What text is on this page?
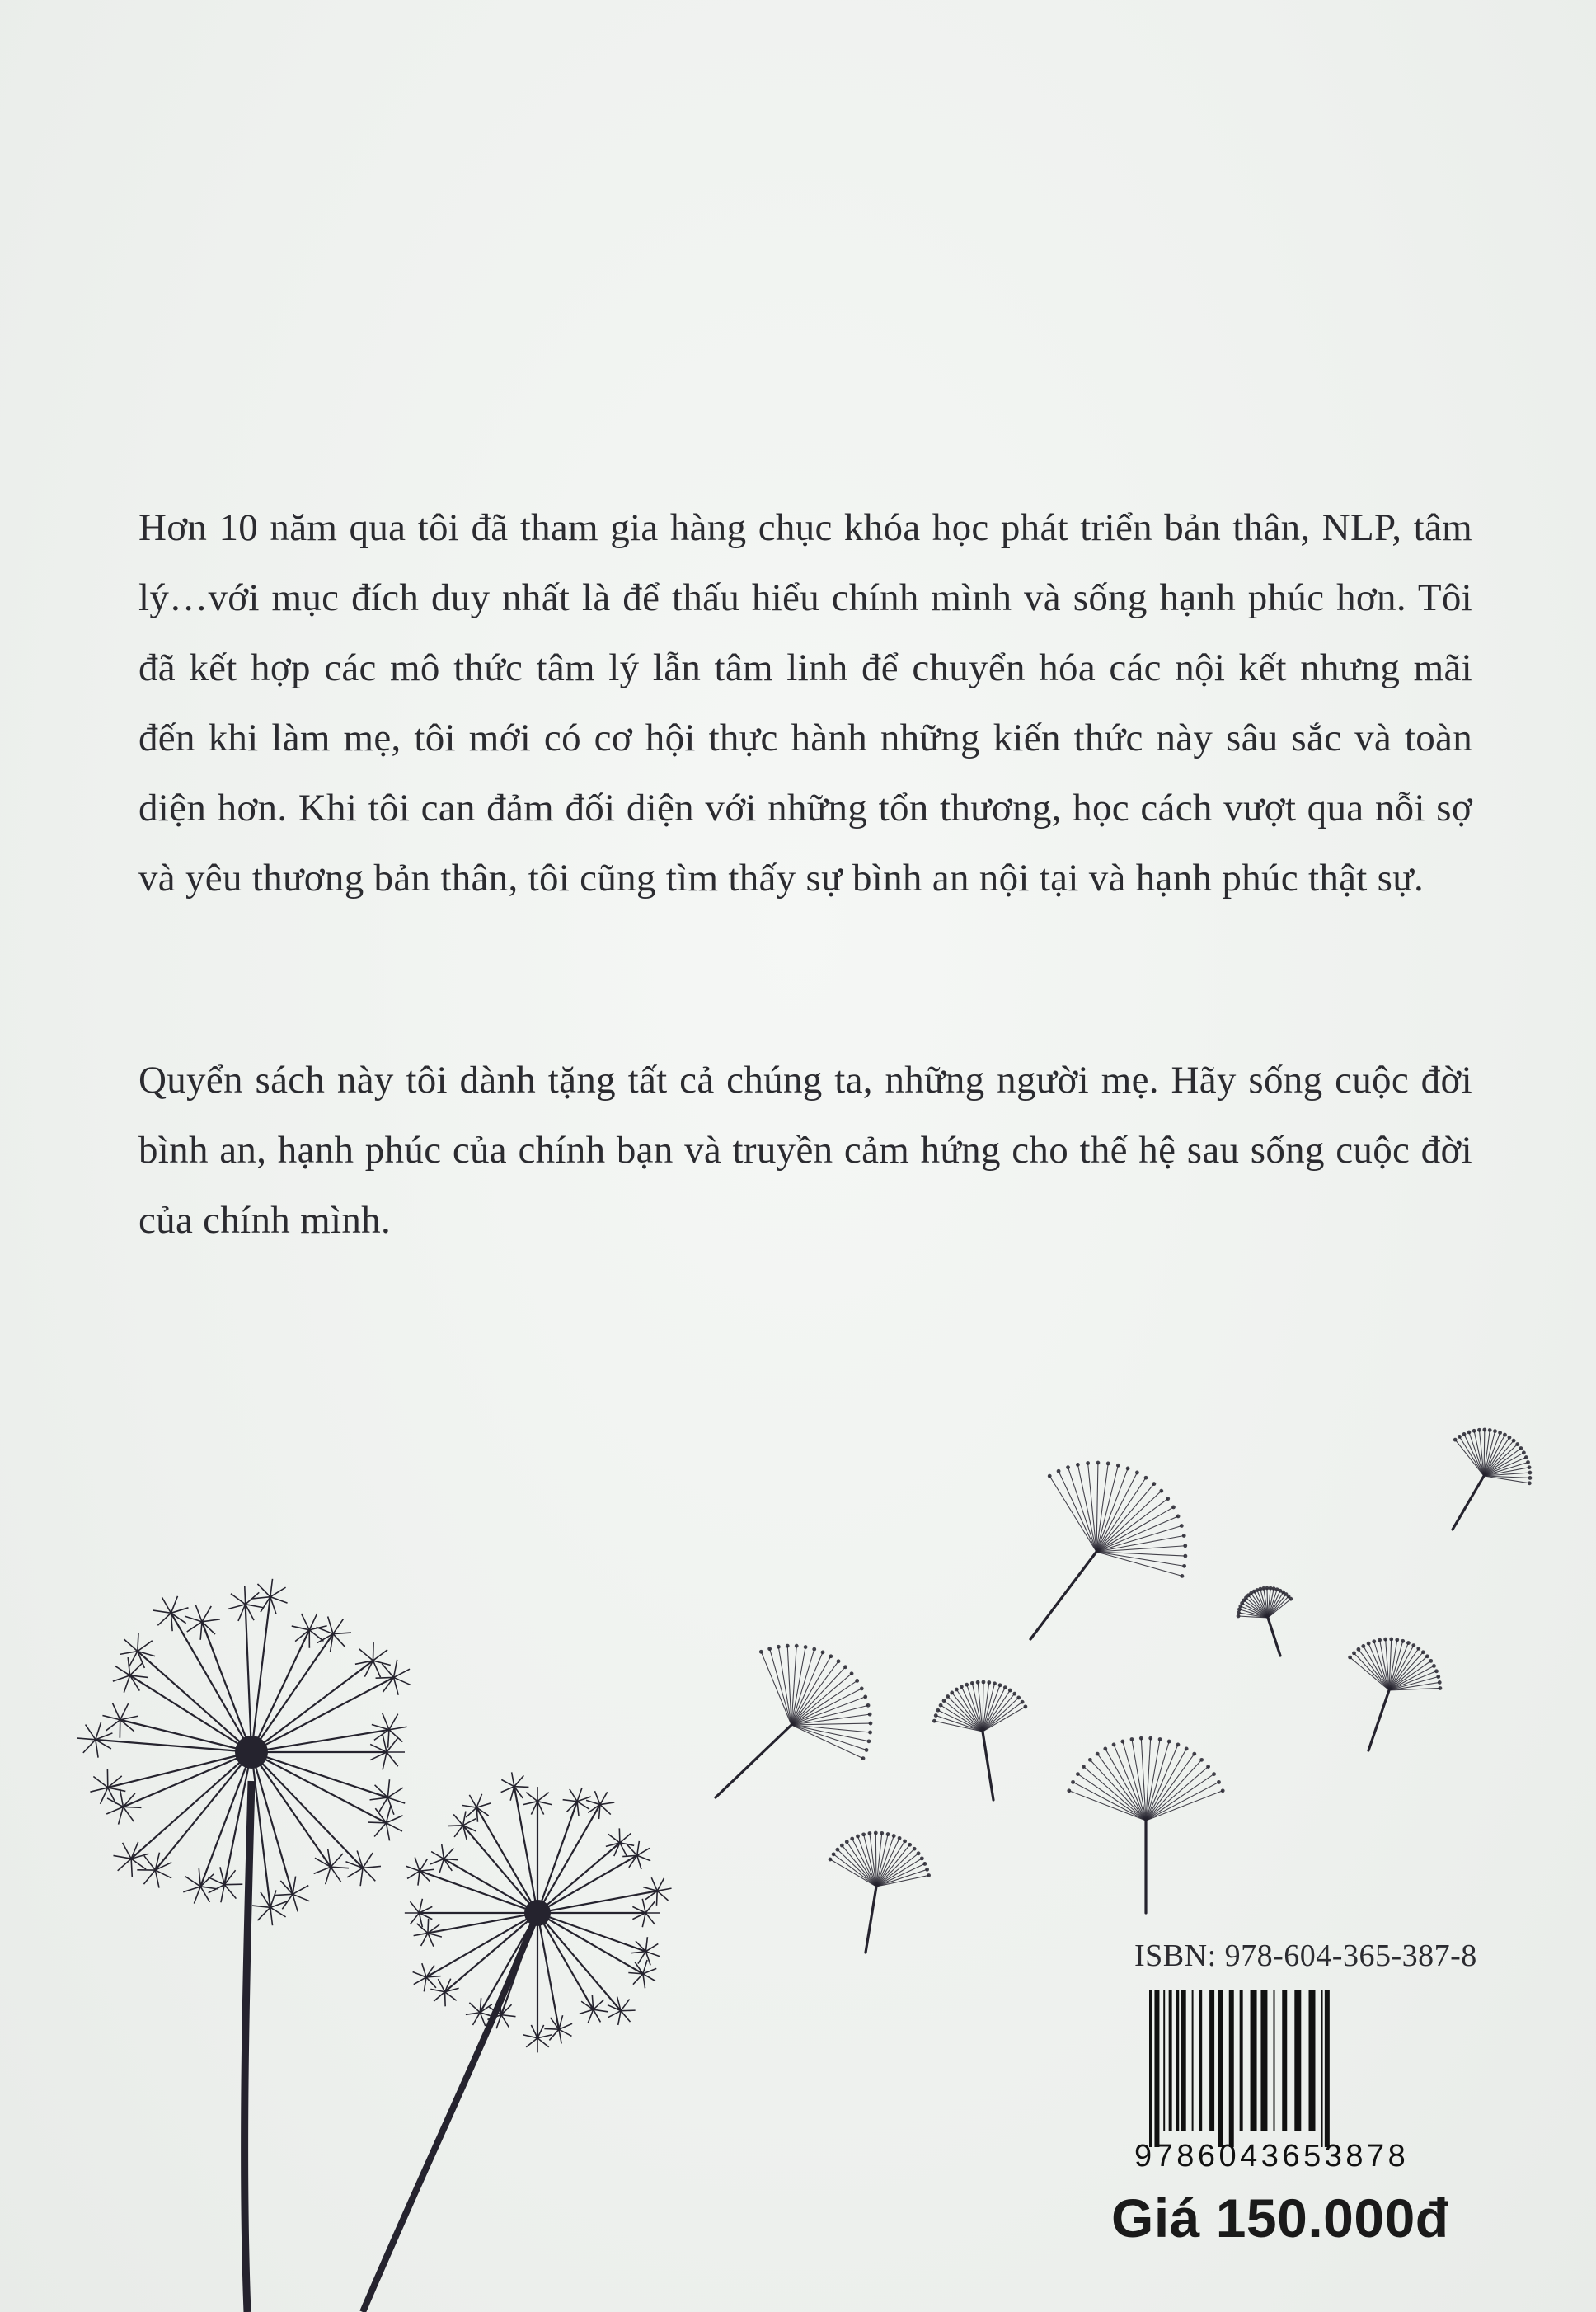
Hơn 10 năm qua tôi đã tham gia hàng chục khóa học phát triển bản thân, NLP, tâm lý…với mục đích duy nhất là để thấu hiểu chính mình và sống hạnh phúc hơn. Tôi đã kết hợp các mô thức tâm lý lẫn tâm linh để chuyển hóa các nội kết nhưng mãi đến khi làm mẹ, tôi mới có cơ hội thực hành những kiến thức này sâu sắc và toàn diện hơn. Khi tôi can đảm đối diện với những tổn thương, học cách vượt qua nỗi sợ và yêu thương bản thân, tôi cũng tìm thấy sự bình an nội tại và hạnh phúc thật sự.

Quyển sách này tôi dành tặng tất cả chúng ta, những người mẹ. Hãy sống cuộc đời bình an, hạnh phúc của chính bạn và truyền cảm hứng cho thế hệ sau sống cuộc đời của chính mình.

ISBN: 978-604-365-387-8
9786043653878
Giá 150.000đ
